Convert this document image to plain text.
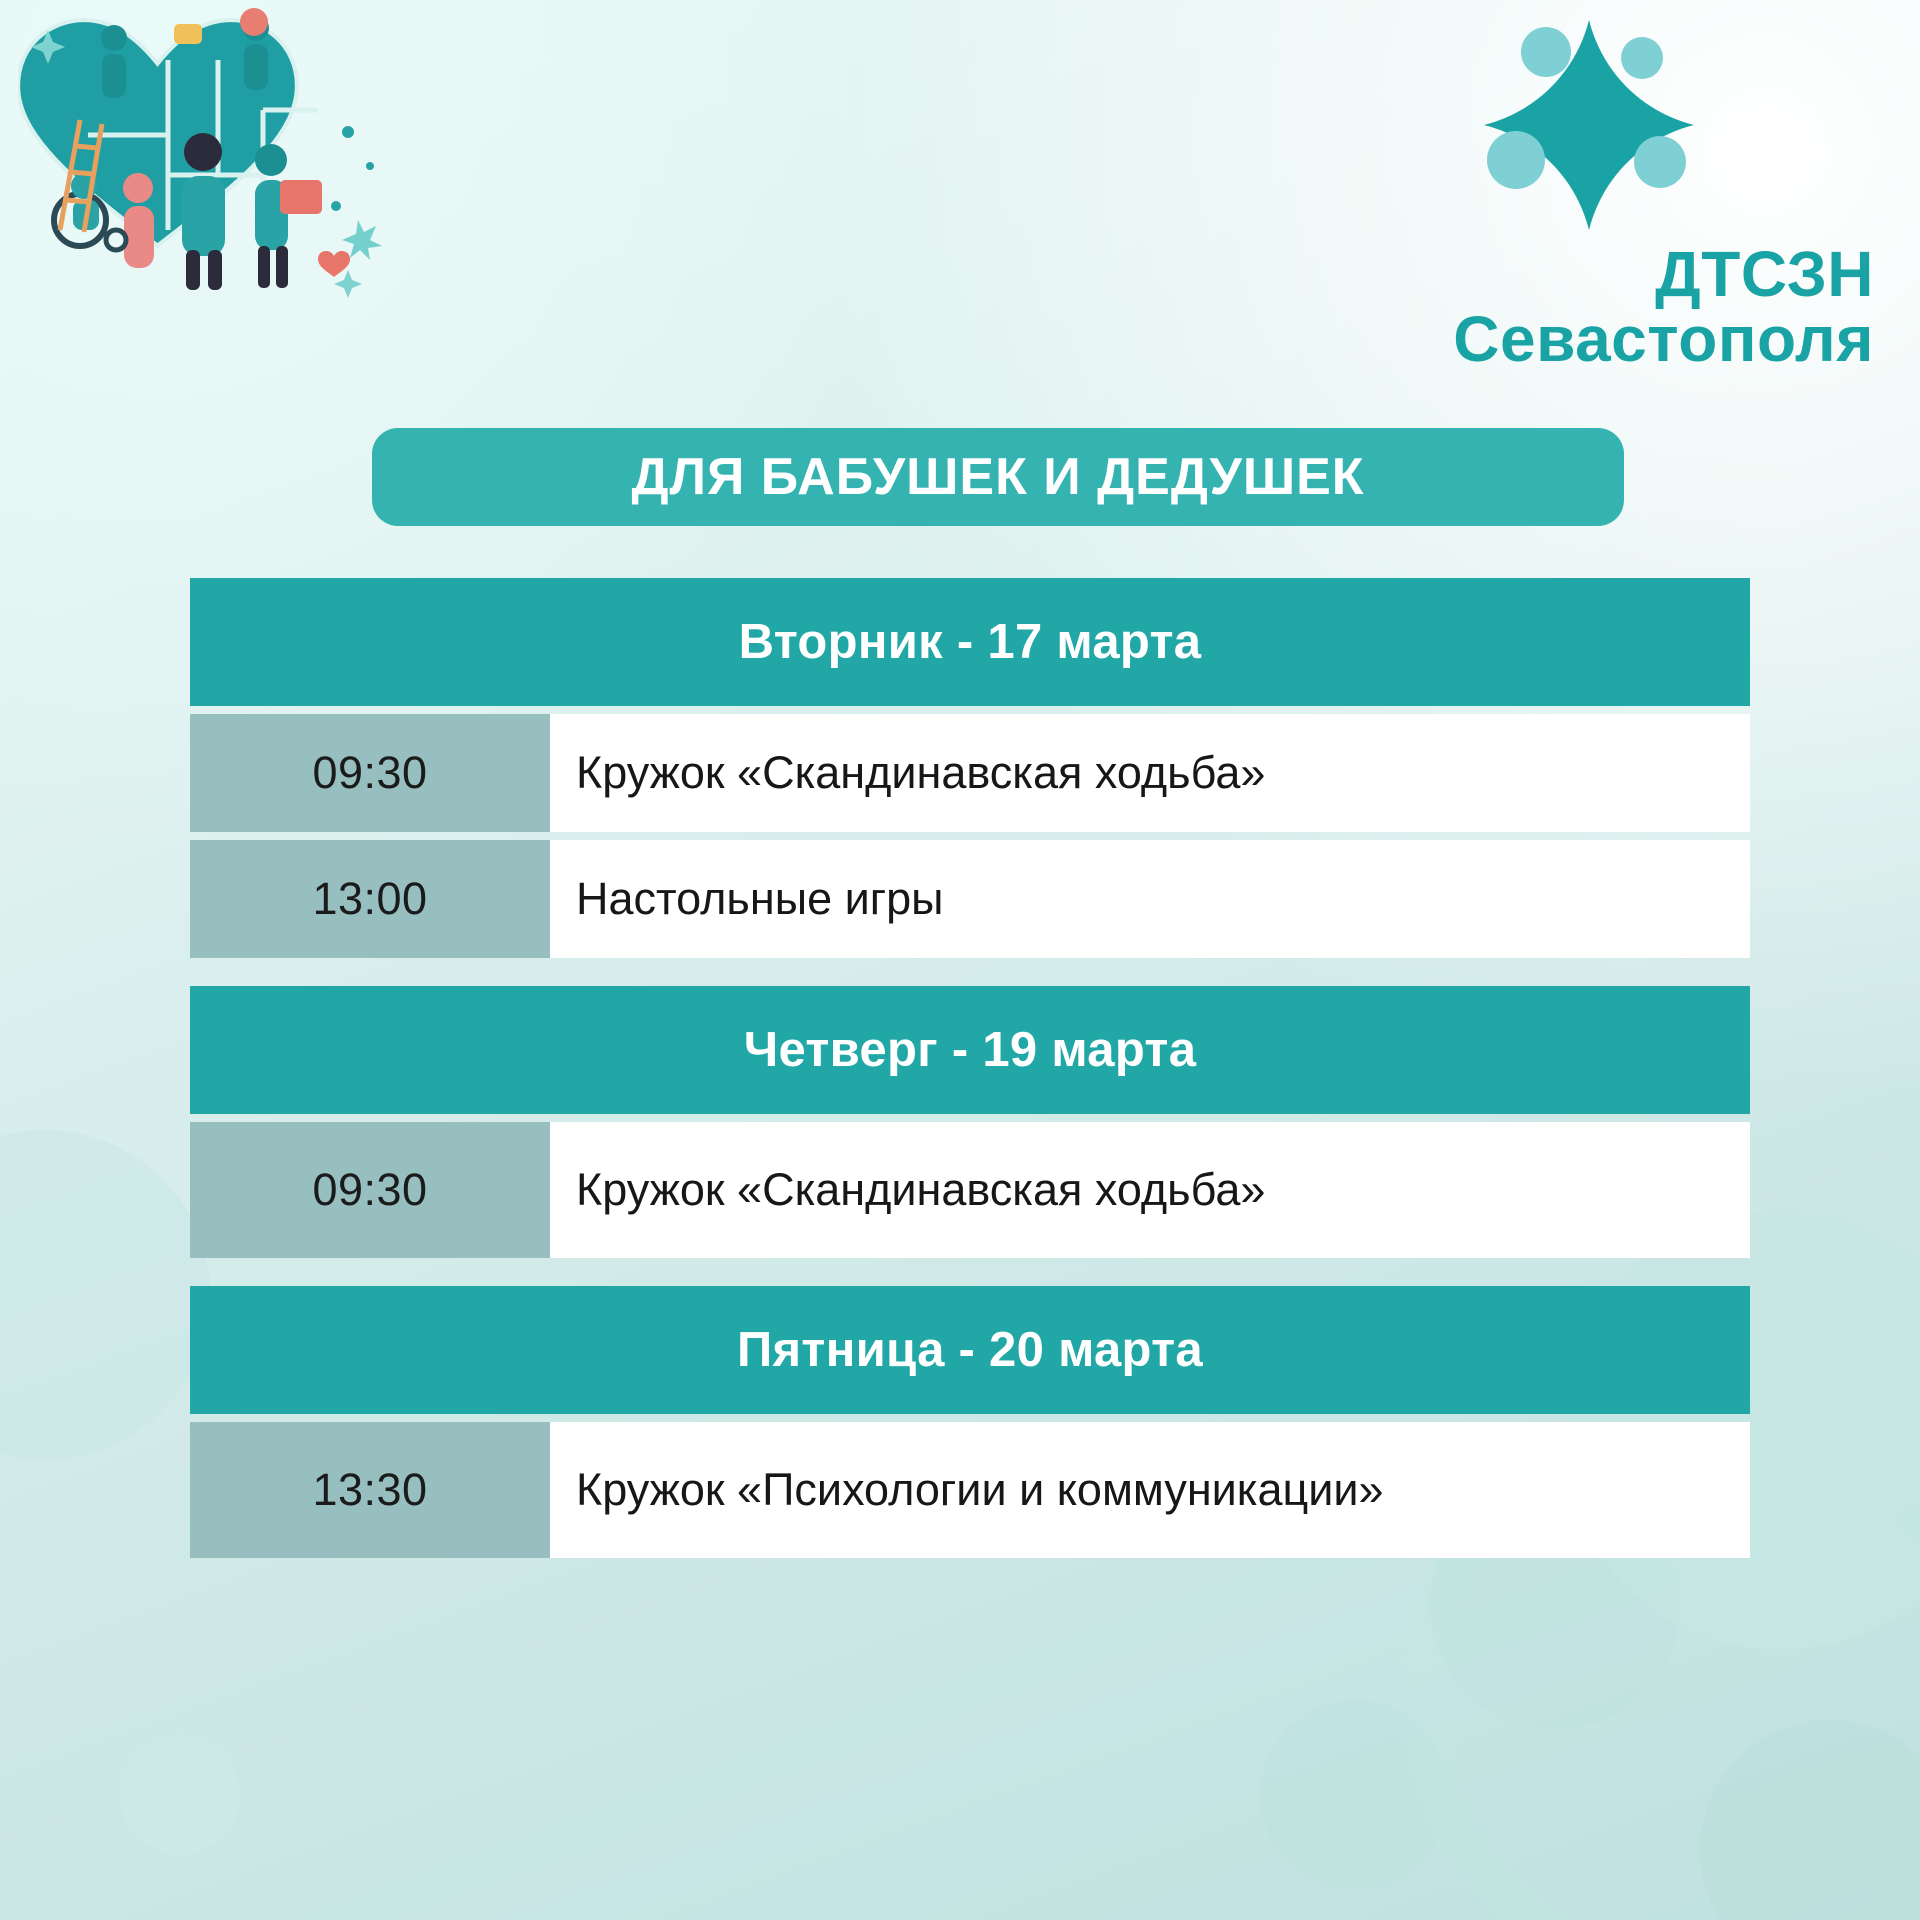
ДТСЗН
Севастополя
ДЛЯ БАБУШЕК И ДЕДУШЕК
Вторник - 17 марта
09:30	Кружок «Скандинавская ходьба»
13:00	Настольные игры
Четверг - 19 марта
09:30	Кружок «Скандинавская ходьба»
Пятница - 20 марта
13:30	Кружок «Психологии и коммуникации»
